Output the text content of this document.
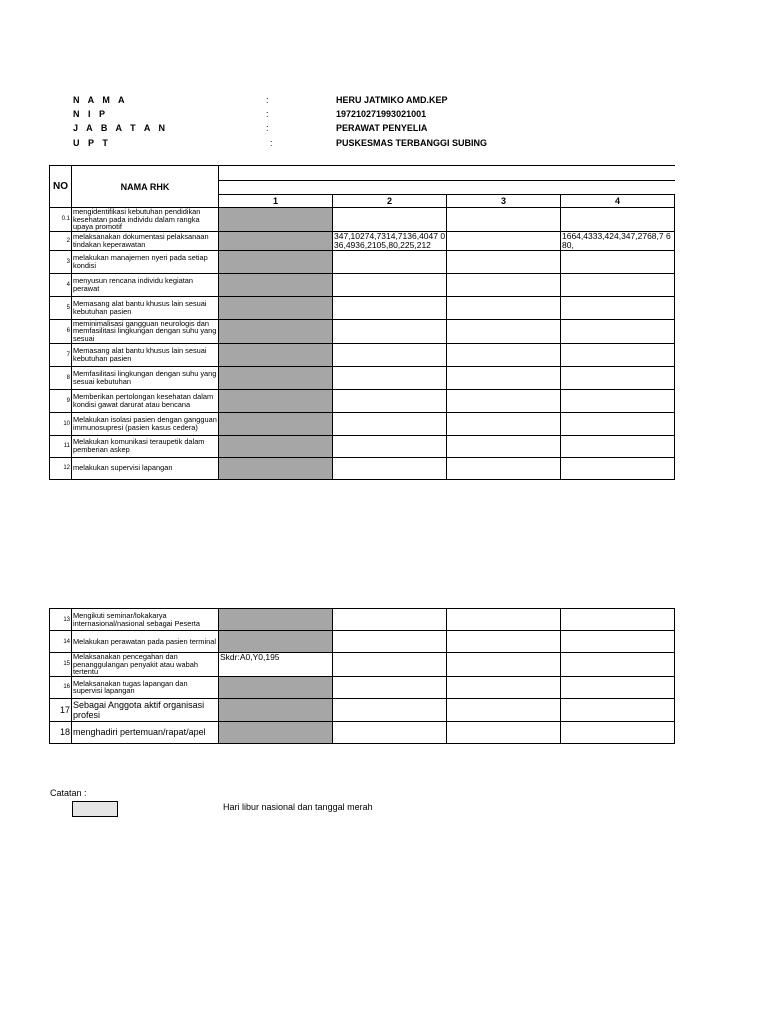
N A M A	:	HERU JATMIKO AMD.KEP
N I P	:	197210271993021001
J A B A T A N	:	PERAWAT PENYELIA
U P T	:	PUSKESMAS TERBANGGI SUBING
NO	NAMA RHK				

		1	2	3	4
0.1	mengidentifikasi kebutuhan pendidikan kesehatan pada individu dalam rangka upaya promotif				
2	melaksanakan dokumentasi pelaksanaan tindakan keperawatan		347,10274,7314,7136,4047 036,4936,2105,80,225,212		1664,4333,424,347,2768,7 680,
3	melakukan manajemen nyeri pada setiap kondisi				
4	menyusun rencana individu kegiatan perawat				
5	Memasang alat bantu khusus lain sesuai kebutuhan pasien				
6	meminimalisasi gangguan neurologis dan memfasilitasi lingkungan dengan suhu yang sesuai				
7	Memasang alat bantu khusus lain sesuai kebutuhan pasien				
8	Memfasilitasi lingkungan dengan suhu yang sesuai kebutuhan				
9	Memberikan pertolongan kesehatan dalam kondisi gawat darurat atau bencana				
10	Melakukan isolasi pasien dengan gangguan immunosupresi (pasien kasus cedera)				
11	Melakukan komunikasi teraupetik dalam pemberian askep				
12	melakukan supervisi lapangan				
13	Mengikuti seminar/lokakarya internasional/nasional sebagai Peserta				
14	Melakukan perawatan pada pasien terminal				
15	Melaksanakan pencegahan dan penanggulangan penyakit atau wabah tertentu	Skdr:A0,Y0,195			
16	Melaksanakan tugas lapangan dan supervisi lapangan				
17	Sebagai Anggota aktif organisasi profesi				
18	menghadiri pertemuan/rapat/apel				
Catatan :
Hari libur nasional dan tanggal merah
